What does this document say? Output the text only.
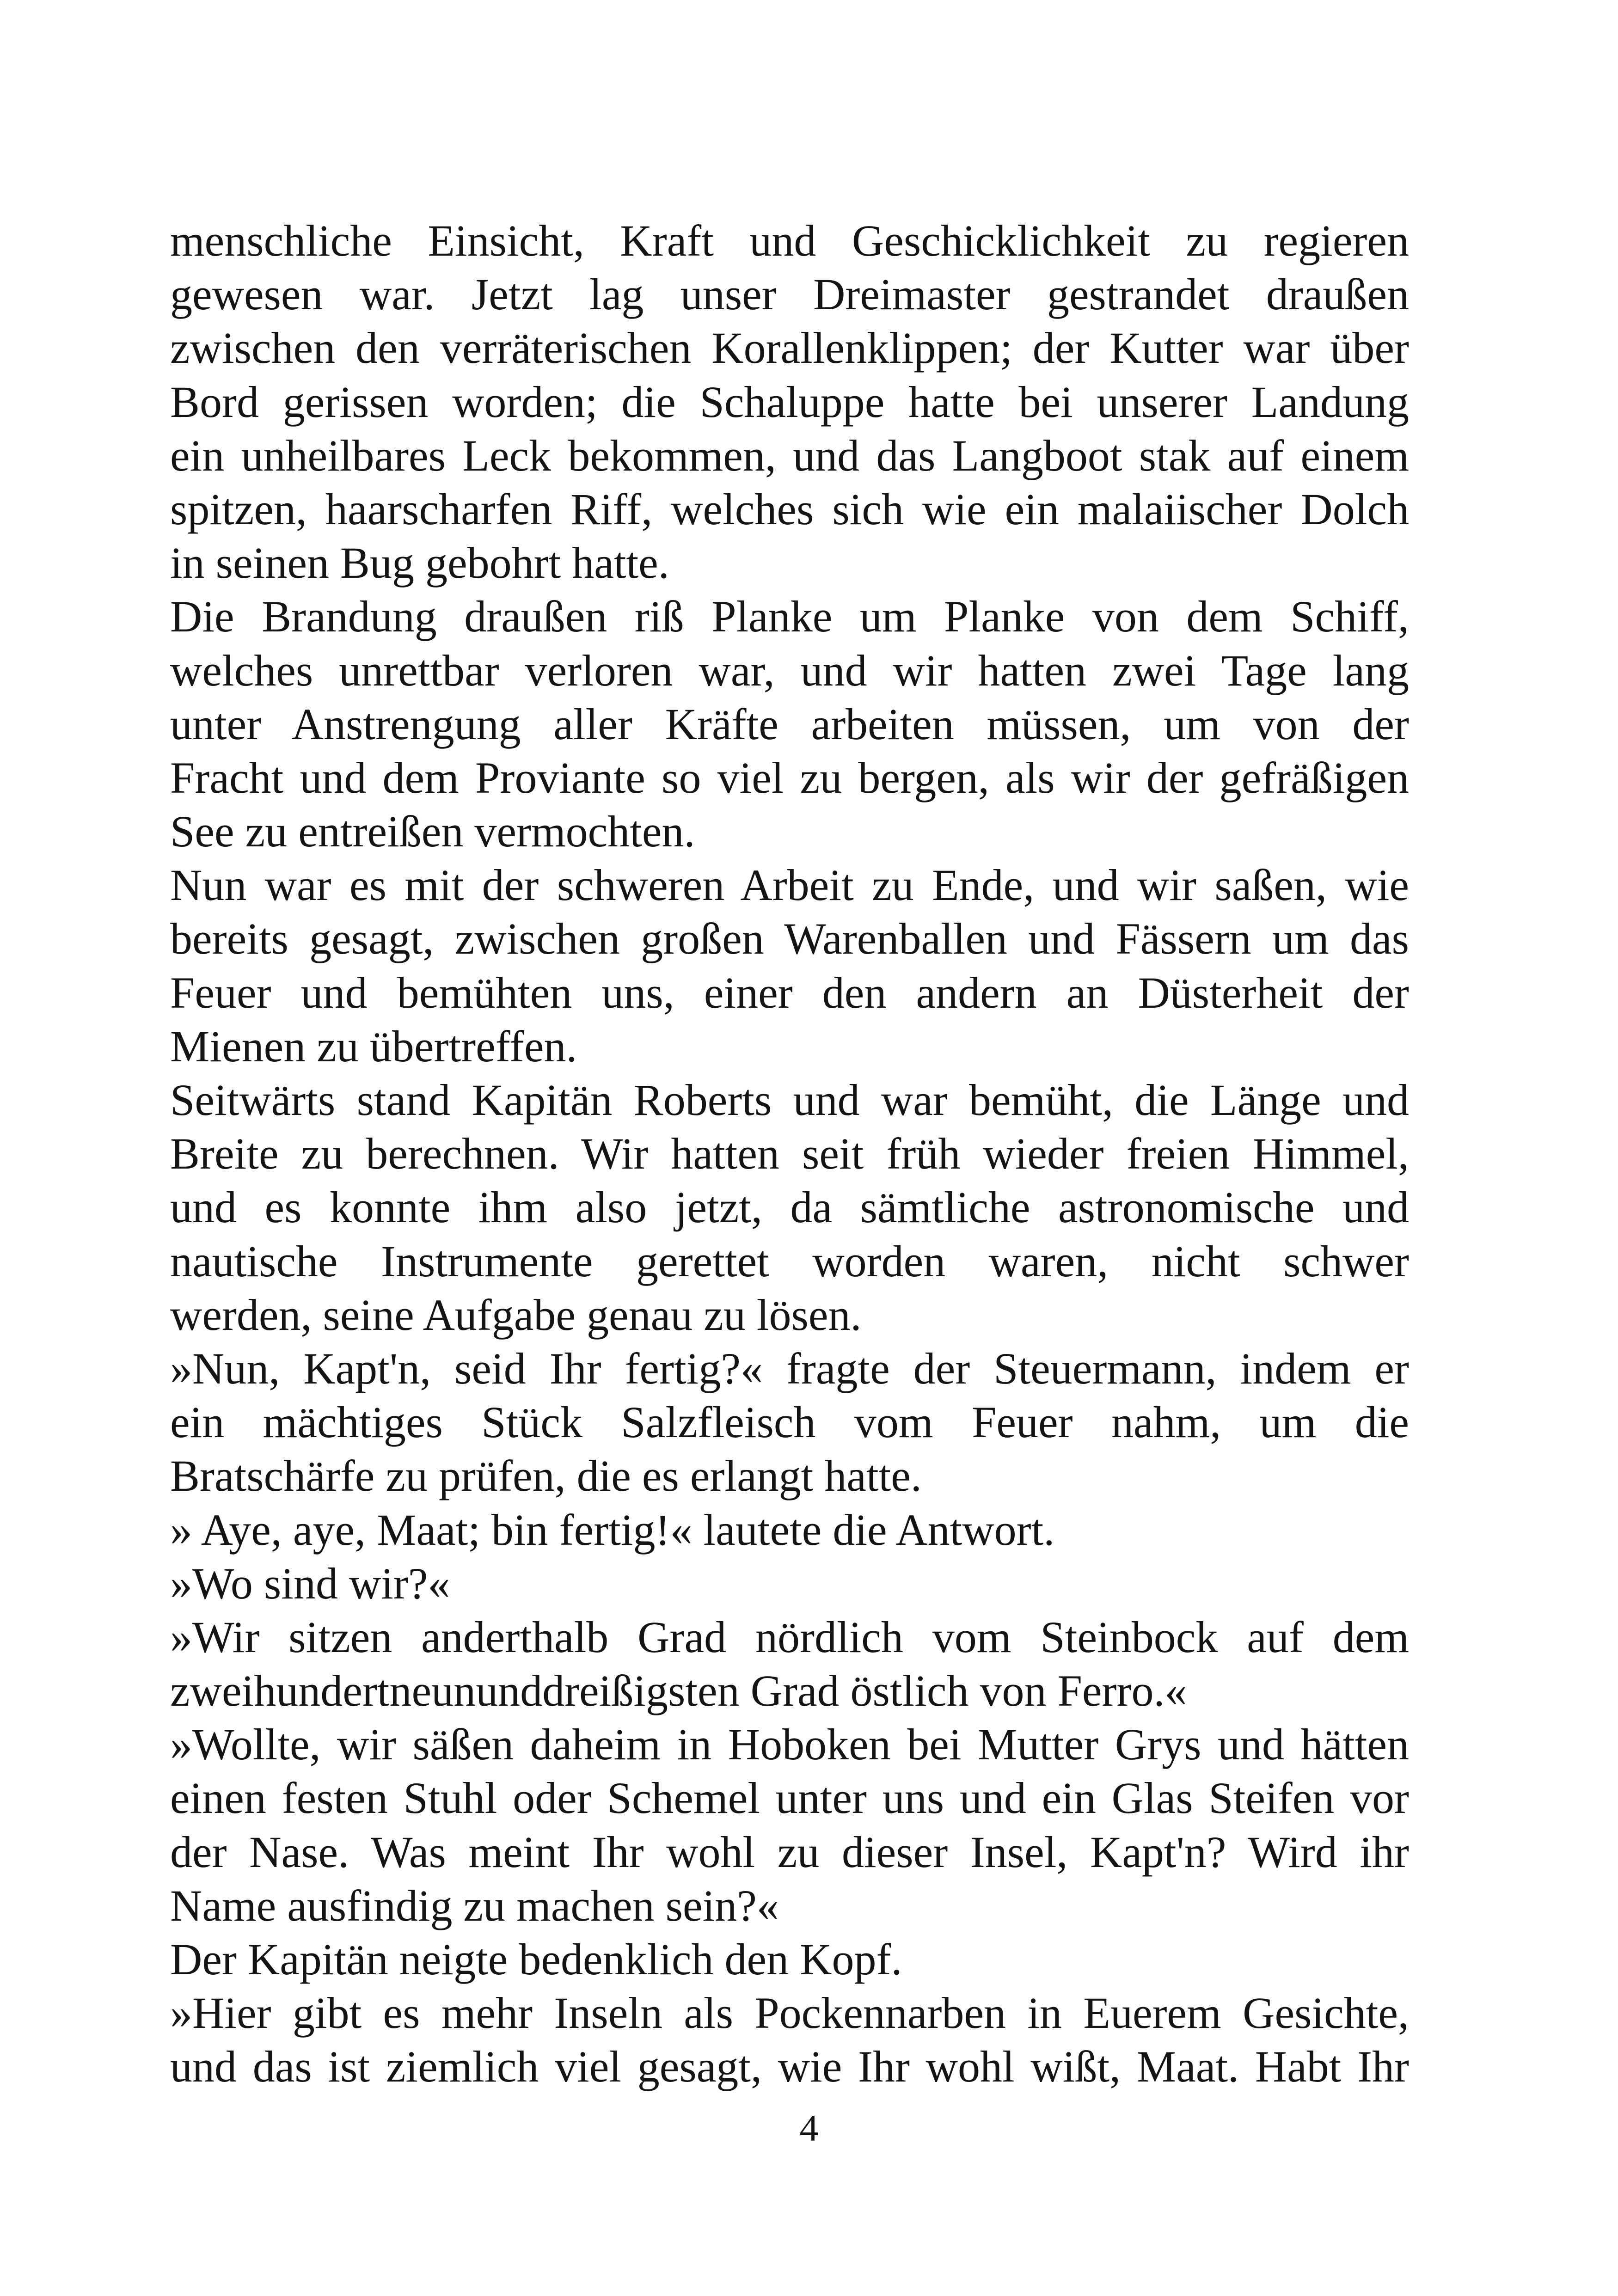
menschliche Einsicht, Kraft und Geschicklichkeit zu regieren
gewesen war. Jetzt lag unser Dreimaster gestrandet draußen
zwischen den verräterischen Korallenklippen; der Kutter war über
Bord gerissen worden; die Schaluppe hatte bei unserer Landung
ein unheilbares Leck bekommen, und das Langboot stak auf einem
spitzen, haarscharfen Riff, welches sich wie ein malaiischer Dolch
in seinen Bug gebohrt hatte.
Die Brandung draußen riß Planke um Planke von dem Schiff,
welches unrettbar verloren war, und wir hatten zwei Tage lang
unter Anstrengung aller Kräfte arbeiten müssen, um von der
Fracht und dem Proviante so viel zu bergen, als wir der gefräßigen
See zu entreißen vermochten.
Nun war es mit der schweren Arbeit zu Ende, und wir saßen, wie
bereits gesagt, zwischen großen Warenballen und Fässern um das
Feuer und bemühten uns, einer den andern an Düsterheit der
Mienen zu übertreffen.
Seitwärts stand Kapitän Roberts und war bemüht, die Länge und
Breite zu berechnen. Wir hatten seit früh wieder freien Himmel,
und es konnte ihm also jetzt, da sämtliche astronomische und
nautische Instrumente gerettet worden waren, nicht schwer
werden, seine Aufgabe genau zu lösen.
»Nun, Kapt'n, seid Ihr fertig?« fragte der Steuermann, indem er
ein mächtiges Stück Salzfleisch vom Feuer nahm, um die
Bratschärfe zu prüfen, die es erlangt hatte.
» Aye, aye, Maat; bin fertig!« lautete die Antwort.
»Wo sind wir?«
»Wir sitzen anderthalb Grad nördlich vom Steinbock auf dem
zweihundertneununddreißigsten Grad östlich von Ferro.«
»Wollte, wir säßen daheim in Hoboken bei Mutter Grys und hätten
einen festen Stuhl oder Schemel unter uns und ein Glas Steifen vor
der Nase. Was meint Ihr wohl zu dieser Insel, Kapt'n? Wird ihr
Name ausfindig zu machen sein?«
Der Kapitän neigte bedenklich den Kopf.
»Hier gibt es mehr Inseln als Pockennarben in Euerem Gesichte,
und das ist ziemlich viel gesagt, wie Ihr wohl wißt, Maat. Habt Ihr
4
